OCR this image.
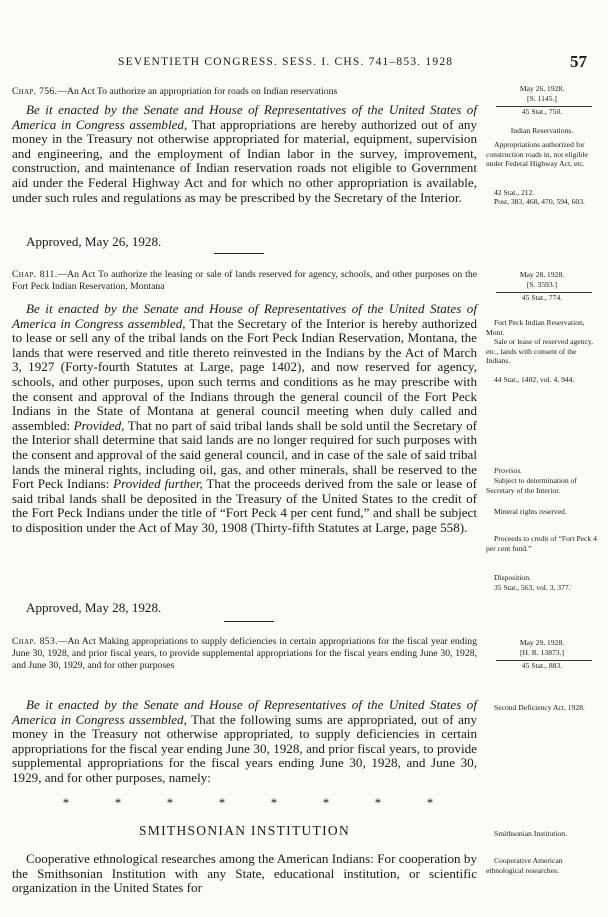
SEVENTIETH CONGRESS. SESS. I. CHS. 741–853. 1928	57
Chap. 756.—An Act To authorize an appropriation for roads on Indian reservations
Be it enacted by the Senate and House of Representatives of the United States of America in Congress assembled, That appropriations are hereby authorized out of any money in the Treasury not otherwise appropriated for material, equipment, supervision and engineering, and the employment of Indian labor in the survey, improvement, construction, and maintenance of Indian reservation roads not eligible to Government aid under the Federal Highway Act and for which no other appropriation is available, under such rules and regulations as may be prescribed by the Secretary of the Interior.
Approved, May 26, 1928.
May 26, 1928.
[S. 1145.]
45 Stat., 750.
Indian Reservations.
Appropriations authorized for construction roads in, not eligible under Federal Highway Act, etc.
42 Stat., 212.
Post, 383, 468, 470, 594, 603.
Chap. 811.—An Act To authorize the leasing or sale of lands reserved for agency, schools, and other purposes on the Fort Peck Indian Reservation, Montana
Be it enacted by the Senate and House of Representatives of the United States of America in Congress assembled, That the Secretary of the Interior is hereby authorized to lease or sell any of the tribal lands on the Fort Peck Indian Reservation, Montana, the lands that were reserved and title thereto reinvested in the Indians by the Act of March 3, 1927 (Forty-fourth Statutes at Large, page 1402), and now reserved for agency, schools, and other purposes, upon such terms and conditions as he may prescribe with the consent and approval of the Indians through the general council of the Fort Peck Indians in the State of Montana at general council meeting when duly called and assembled: Provided, That no part of said tribal lands shall be sold until the Secretary of the Interior shall determine that said lands are no longer required for such purposes with the consent and approval of the said general council, and in case of the sale of said tribal lands the mineral rights, including oil, gas, and other minerals, shall be reserved to the Fort Peck Indians: Provided further, That the proceeds derived from the sale or lease of said tribal lands shall be deposited in the Treasury of the United States to the credit of the Fort Peck Indians under the title of “Fort Peck 4 per cent fund,” and shall be subject to disposition under the Act of May 30, 1908 (Thirty-fifth Statutes at Large, page 558).
Approved, May 28, 1928.
May 28, 1928.
[S. 3593.]
45 Stat., 774.
Fort Peck Indian Reservation, Mont.
Sale or lease of reserved agency, etc., lands with consent of the Indians.
44 Stat., 1402, vol. 4, 944.
Provisos.
Subject to determination of Secretary of the Interior.
Mineral rights reserved.
Proceeds to credit of “Fort Peck 4 per cent fund.”
Disposition.
35 Stat., 563, vol. 3, 377.
Chap. 853.—An Act Making appropriations to supply deficiencies in certain appropriations for the fiscal year ending June 30, 1928, and prior fiscal years, to provide supplemental appropriations for the fiscal years ending June 30, 1928, and June 30, 1929, and for other purposes
Be it enacted by the Senate and House of Representatives of the United States of America in Congress assembled, That the following sums are appropriated, out of any money in the Treasury not otherwise appropriated, to supply deficiencies in certain appropriations for the fiscal year ending June 30, 1928, and prior fiscal years, to provide supplemental appropriations for the fiscal years ending June 30, 1928, and June 30, 1929, and for other purposes, namely:
*	*	*	*	*	*	*	*
SMITHSONIAN INSTITUTION
Cooperative ethnological researches among the American Indians: For cooperation by the Smithsonian Institution with any State, educational institution, or scientific organization in the United States for
May 29, 1928.
[H. R. 13873.]
45 Stat., 883.
Second Deficiency Act, 1928.
Smithsonian Institution.
Cooperative American ethnological researches.
